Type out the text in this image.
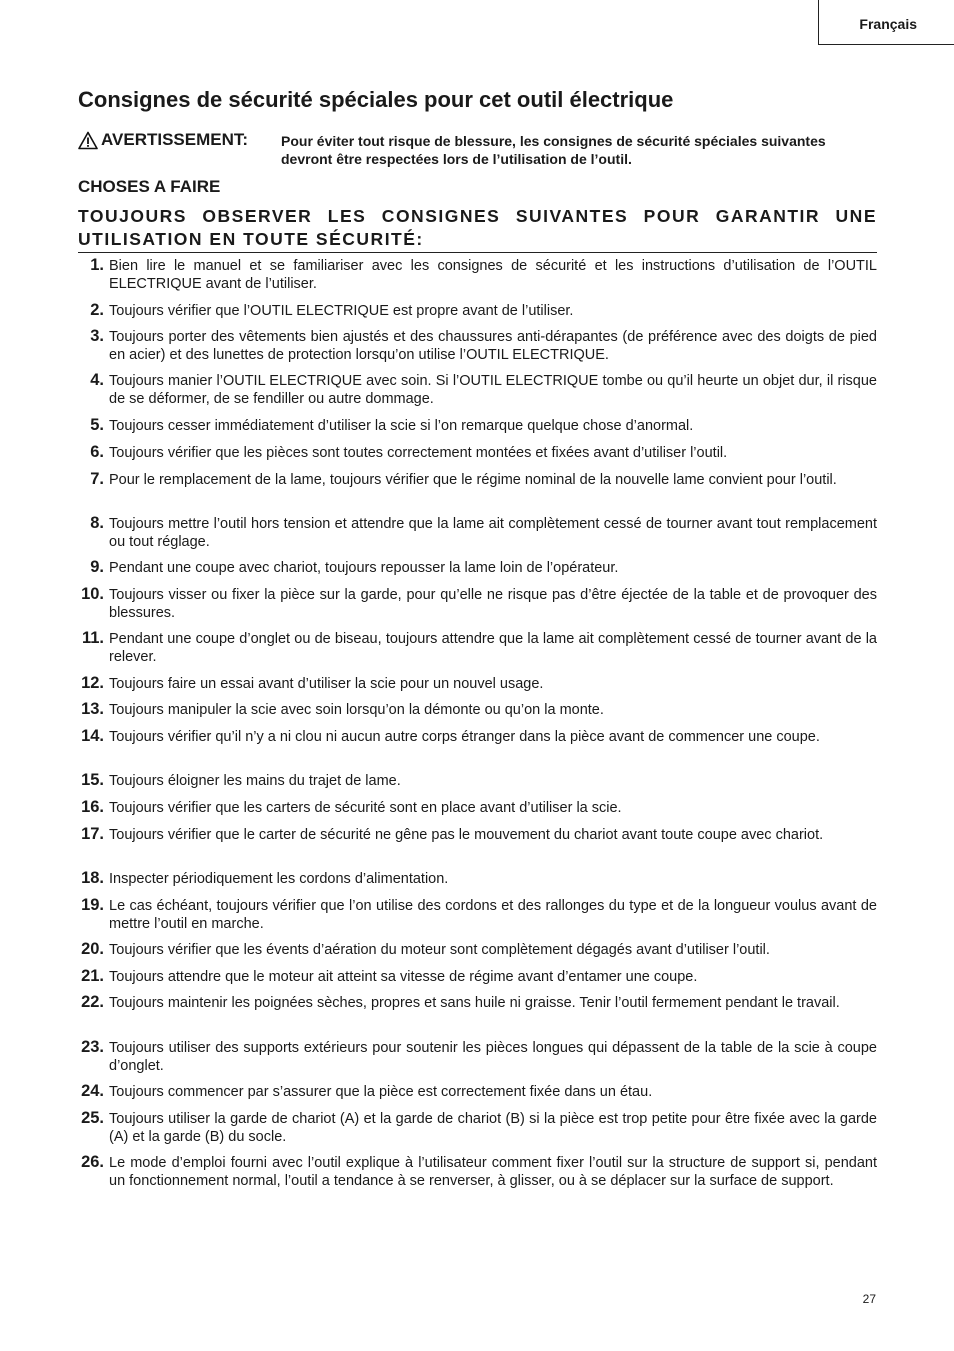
Français
Consignes de sécurité spéciales pour cet outil électrique
AVERTISSEMENT: Pour éviter tout risque de blessure, les consignes de sécurité spéciales suivantes devront être respectées lors de l’utilisation de l’outil.
CHOSES A FAIRE
TOUJOURS OBSERVER LES CONSIGNES SUIVANTES POUR GARANTIR UNE UTILISATION EN TOUTE SÉCURITÉ:
1. Bien lire le manuel et se familiariser avec les consignes de sécurité et les instructions d’utilisation de l’OUTIL ELECTRIQUE avant de l’utiliser.
2. Toujours vérifier que l’OUTIL ELECTRIQUE est propre avant de l’utiliser.
3. Toujours porter des vêtements bien ajustés et des chaussures anti-dérapantes (de préférence avec des doigts de pied en acier) et des lunettes de protection lorsqu’on utilise l’OUTIL ELECTRIQUE.
4. Toujours manier l’OUTIL ELECTRIQUE avec soin. Si l’OUTIL ELECTRIQUE tombe ou qu’il heurte un objet dur, il risque de se déformer, de se fendiller ou autre dommage.
5. Toujours cesser immédiatement d’utiliser la scie si l’on remarque quelque chose d’anormal.
6. Toujours vérifier que les pièces sont toutes correctement montées et fixées avant d’utiliser l’outil.
7. Pour le remplacement de la lame, toujours vérifier que le régime nominal de la nouvelle lame convient pour l’outil.
8. Toujours mettre l’outil hors tension et attendre que la lame ait complètement cessé de tourner avant tout remplacement ou tout réglage.
9. Pendant une coupe avec chariot, toujours repousser la lame loin de l’opérateur.
10. Toujours visser ou fixer la pièce sur la garde, pour qu’elle ne risque pas d’être éjectée de la table et de provoquer des blessures.
11. Pendant une coupe d’onglet ou de biseau, toujours attendre que la lame ait complètement cessé de tourner avant de la relever.
12. Toujours faire un essai avant d’utiliser la scie pour un nouvel usage.
13. Toujours manipuler la scie avec soin lorsqu’on la démonte ou qu’on la monte.
14. Toujours vérifier qu’il n’y a ni clou ni aucun autre corps étranger dans la pièce avant de commencer une coupe.
15. Toujours éloigner les mains du trajet de lame.
16. Toujours vérifier que les carters de sécurité sont en place avant d’utiliser la scie.
17. Toujours vérifier que le carter de sécurité ne gêne pas le mouvement du chariot avant toute coupe avec chariot.
18. Inspecter périodiquement les cordons d’alimentation.
19. Le cas échéant, toujours vérifier que l’on utilise des cordons et des rallonges du type et de la longueur voulus avant de mettre l’outil en marche.
20. Toujours vérifier que les évents d’aération du moteur sont complètement dégagés avant d’utiliser l’outil.
21. Toujours attendre que le moteur ait atteint sa vitesse de régime avant d’entamer une coupe.
22. Toujours maintenir les poignées sèches, propres et sans huile ni graisse. Tenir l’outil fermement pendant le travail.
23. Toujours utiliser des supports extérieurs pour soutenir les pièces longues qui dépassent de la table de la scie à coupe d’onglet.
24. Toujours commencer par s’assurer que la pièce est correctement fixée dans un étau.
25. Toujours utiliser la garde de chariot (A) et la garde de chariot (B) si la pièce est trop petite pour être fixée avec la garde (A) et la garde (B) du socle.
26. Le mode d’emploi fourni avec l’outil explique à l’utilisateur comment fixer l’outil sur la structure de support si, pendant un fonctionnement normal, l’outil a tendance à se renverser, à glisser, ou à se déplacer sur la surface de support.
27
